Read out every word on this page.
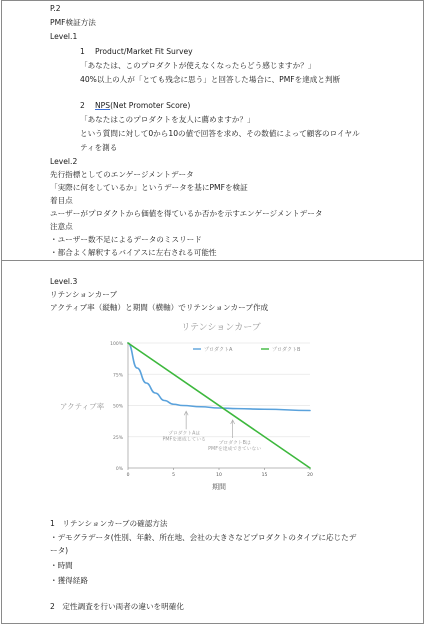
P.2
PMF検証方法
Level.1
1 Product/Market Fit Survey
「あなたは、このプロダクトが使えなくなったらどう感じますか？」
40%以上の人が「とても残念に思う」と回答した場合に、PMFを達成と判断
2 NPS(Net Promoter Score)
「あなたはこのプロダクトを友人に薦めますか？」
という質問に対して0から10の値で回答を求め、その数値によって顧客のロイヤル
ティを測る
Level.2
先行指標としてのエンゲージメントデータ
「実際に何をしているか」というデータを基にPMFを検証
着目点
ユーザーがプロダクトから価値を得ているか否かを示すエンゲージメントデータ
注意点
・ユーザー数不足によるデータのミスリード
・都合よく解釈するバイアスに左右される可能性
Level.3
リテンションカーブ
アクティブ率（縦軸）と期間（横軸）でリテンションカーブ作成
リテンションカーブ
0%
25%
50%
75%
100%
0	5	10	15	20
プロダクトA	プロダクトB
プロダクトAは
PMFを達成している
プロダクトBは
PMFを達成できていない
アクティブ率
期間
1　リテンションカーブの確認方法
・デモグラデータ(性別、年齢、所在地、会社の大きさなどプロダクトのタイプに応じたデ
ータ)
・時間
・獲得経路
2　定性調査を行い両者の違いを明確化
